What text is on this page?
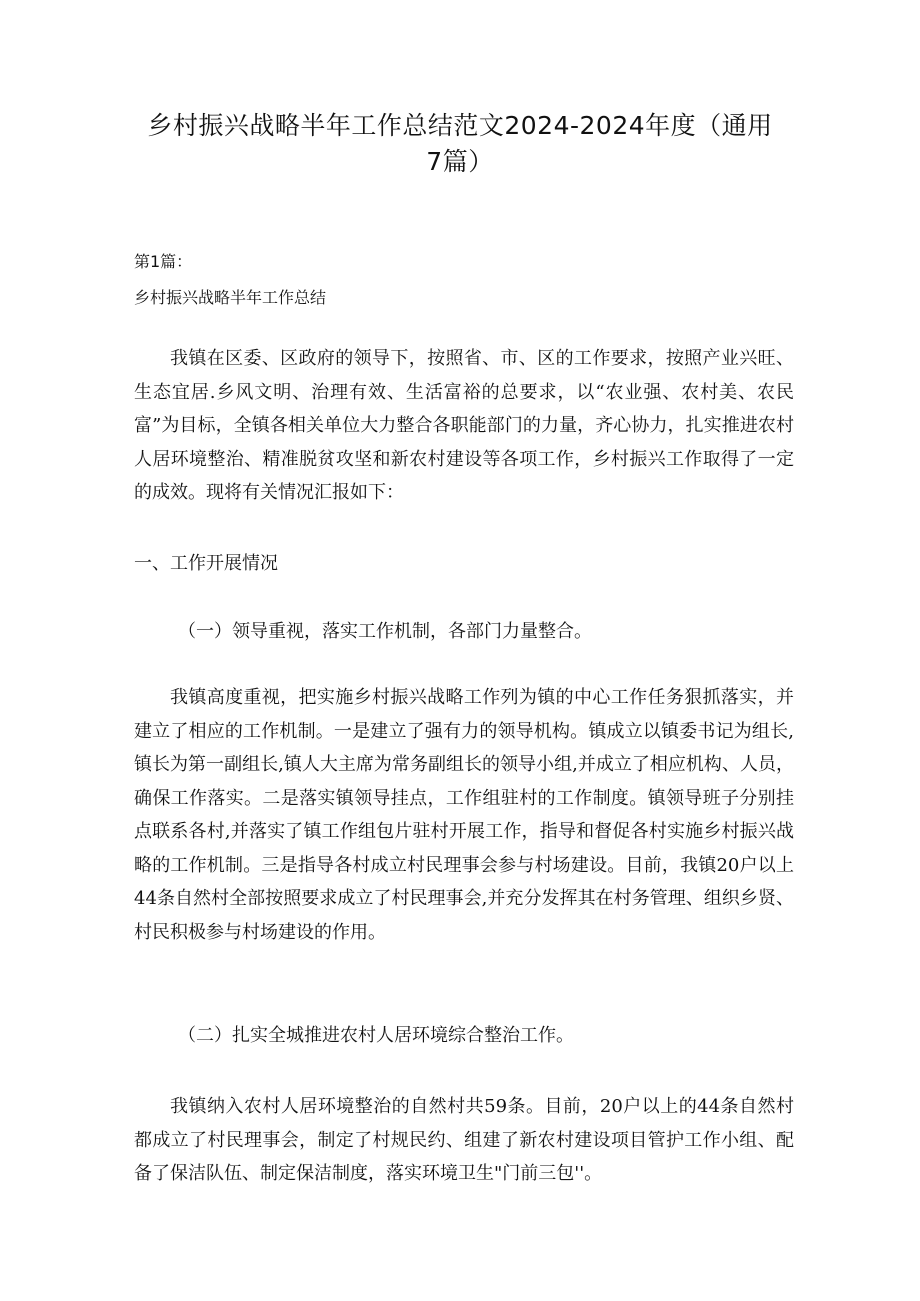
乡村振兴战略半年工作总结范文2024-2024年度（通用
7篇）

第1篇：

乡村振兴战略半年工作总结

我镇在区委、区政府的领导下，按照省、市、区的工作要求，按照产业兴旺、生态宜居.乡风文明、治理有效、生活富裕的总要求，以“农业强、农村美、农民富”为目标，全镇各相关单位大力整合各职能部门的力量，齐心协力，扎实推进农村人居环境整治、精准脱贫攻坚和新农村建设等各项工作，乡村振兴工作取得了一定的成效。现将有关情况汇报如下：

一、工作开展情况

（一）领导重视，落实工作机制，各部门力量整合。

我镇高度重视，把实施乡村振兴战略工作列为镇的中心工作任务狠抓落实，并建立了相应的工作机制。一是建立了强有力的领导机构。镇成立以镇委书记为组长,镇长为第一副组长,镇人大主席为常务副组长的领导小组,并成立了相应机构、人员，确保工作落实。二是落实镇领导挂点，工作组驻村的工作制度。镇领导班子分别挂点联系各村,并落实了镇工作组包片驻村开展工作，指导和督促各村实施乡村振兴战略的工作机制。三是指导各村成立村民理事会参与村场建设。目前，我镇20户以上44条自然村全部按照要求成立了村民理事会,并充分发挥其在村务管理、组织乡贤、村民积极参与村场建设的作用。

（二）扎实全城推进农村人居环境综合整治工作。

我镇纳入农村人居环境整治的自然村共59条。目前，20户以上的44条自然村都成立了村民理事会，制定了村规民约、组建了新农村建设项目管护工作小组、配备了保洁队伍、制定保洁制度，落实环境卫生"门前三包''。
